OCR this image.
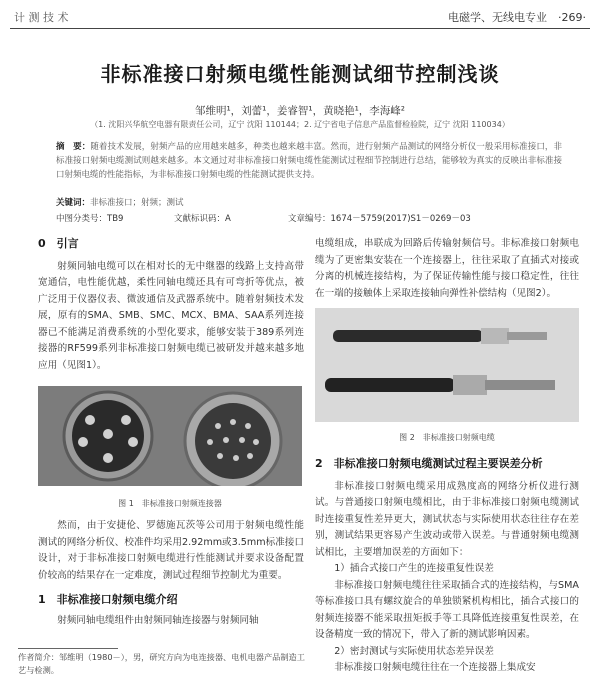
计 测 技 术	电磁学、无线电专业　·269·
非标准接口射频电缆性能测试细节控制浅谈
邹维明¹，刘蕾¹，姜睿智¹，黄晓艳¹，李海峰²
（1. 沈阳兴华航空电器有限责任公司，辽宁 沈阳 110144；2. 辽宁省电子信息产品监督检验院，辽宁 沈阳 110034）
摘　要：随着技术发展，射频产品的应用越来越多，种类也越来越丰富。然而，进行射频产品测试的网络分析仪一般采用标准接口，非标准接口射频电缆测试则越来越多。本文通过对非标准接口射频电缆性能测试过程细节控制进行总结，能够较为真实的反映出非标准接口射频电缆的性能指标，为非标准接口射频电缆的性能测试提供支持。
关键词：非标准接口；射频；测试
中图分类号：TB9	文献标识码：A	文章编号：1674－5759(2017)S1－0269－03
0　引言

射频同轴电缆可以在相对长的无中继器的线路上支持高带宽通信，电性能优越，柔性同轴电缆还具有可弯折等优点，被广泛用于仪器仪表、微波通信及武器系统中。随着射频技术发展，原有的SMA、SMB、SMC、MCX、BMA、SAA系列连接器已不能满足消费系统的小型化要求，能够安装于389系列连接器的RF599系列非标准接口射频电缆已被研发并越来越多地应用（见图1）。

图 1　非标准接口射频连接器

然而，由于安捷伦、罗德施瓦茨等公司用于射频电缆性能测试的网络分析仪、校准件均采用2.92mm或3.5mm标准接口设计，对于非标准接口射频电缆进行性能测试并要求设备配置价较高的结果存在一定难度，测试过程细节控制尤为重要。

1　非标准接口射频电缆介绍

射频同轴电缆组件由射频同轴连接器与射频同轴

作者简介：邹维明（1980－），男，研究方向为电连接器、电机电器产品制造工艺与检测。

电缆组成，串联成为回路后传输射频信号。非标准接口射频电缆为了更密集安装在一个连接器上，往往采取了直插式对接或分离的机械连接结构，为了保证传输性能与接口稳定性，往往在一端的接触体上采取连接轴向弹性补偿结构（见图2）。

图 2　非标准接口射频电缆
2　非标准接口射频电缆测试过程主要误差分析

非标准接口射频电缆采用成熟度高的网络分析仪进行测试。与普通接口射频电缆相比，由于非标准接口射频电缆测试时连接重复性差异更大，测试状态与实际使用状态往往存在差别，测试结果更容易产生波动或带入误差。与普通射频电缆测试相比，主要增加误差的方面如下：

1）插合式接口产生的连接重复性误差

非标准接口射频电缆往往采取插合式的连接结构，与SMA等标准接口具有螺纹旋合的单独锁紧机构相比，插合式接口的射频连接器不能采取扭矩扳手等工具降低连接重复性误差，在设备精度一致的情况下，带入了新的测试影响因素。

2）密封测试与实际使用状态差异误差

非标准接口射频电缆往往在一个连接器上集成安
